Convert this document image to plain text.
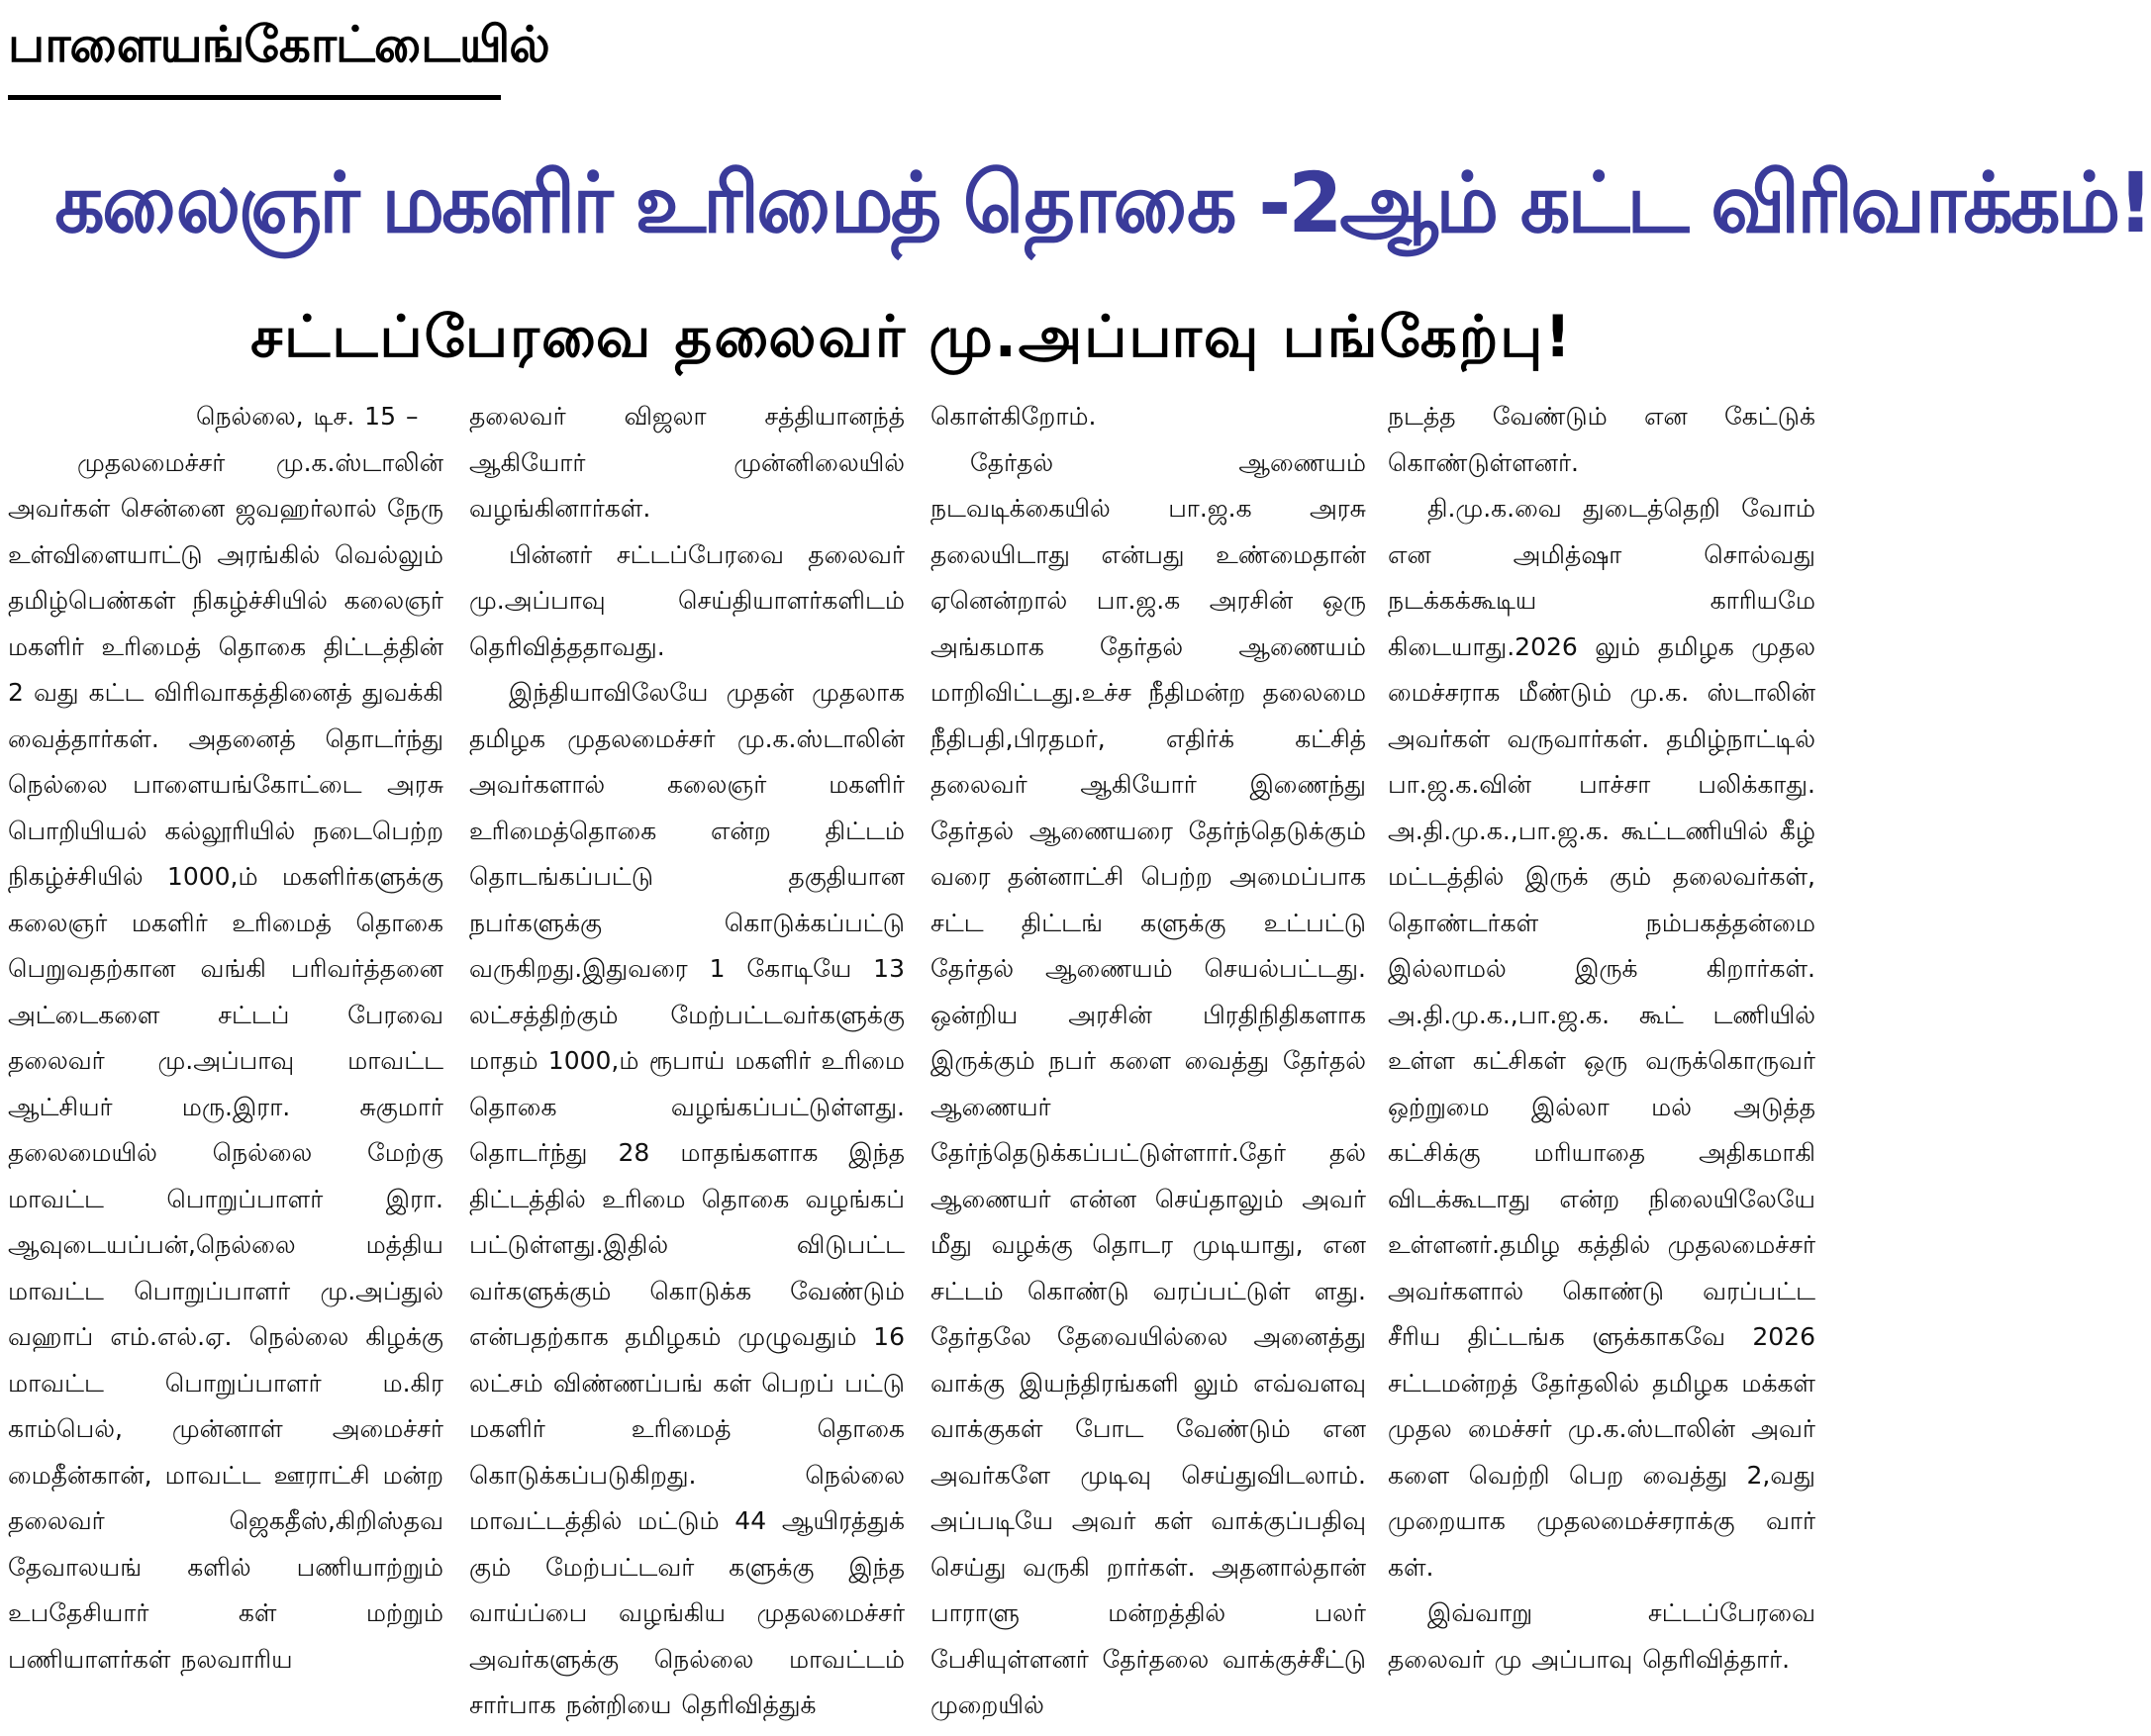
பாளையங்கோட்டையில்
கலைஞர் மகளிர் உரிமைத் தொகை -2ஆம் கட்ட விரிவாக்கம்!
சட்டப்பேரவை தலைவர் மு.அப்பாவு பங்கேற்பு!

நெல்லை, டிச. 15 –
முதலமைச்சர் மு.க.ஸ்டாலின் அவர்கள் சென்னை ஜவஹர்லால் நேரு உள்விளையாட்டு அரங்கில் வெல்லும் தமிழ்பெண்கள் நிகழ்ச்சியில் கலைஞர் மகளிர் உரிமைத் தொகை திட்டத்தின் 2 வது கட்ட விரிவாகத்தினைத் துவக்கி வைத்தார்கள். அதனைத் தொடர்ந்து நெல்லை பாளையங்கோட்டை அரசு பொறியியல் கல்லூரியில் நடைபெற்ற நிகழ்ச்சியில் 1000,ம் மகளிர்களுக்கு கலைஞர் மகளிர் உரிமைத் தொகை பெறுவதற்கான வங்கி பரிவர்த்தனை அட்டைகளை சட்டப் பேரவை தலைவர் மு.அப்பாவு மாவட்ட ஆட்சியர் மரு.இரா. சுகுமார் தலைமையில் நெல்லை மேற்கு மாவட்ட பொறுப்பாளர் இரா. ஆவுடையப்பன்,நெல்லை மத்திய மாவட்ட பொறுப்பாளர் மு.அப்துல் வஹாப் எம்.எல்.ஏ. நெல்லை கிழக்கு மாவட்ட பொறுப்பாளர் ம.கிர காம்பெல், முன்னாள் அமைச்சர் மைதீன்கான், மாவட்ட ஊராட்சி மன்ற தலைவர் ஜெகதீஸ்,கிறிஸ்தவ தேவாலயங் களில் பணியாற்றும் உபதேசியார் கள் மற்றும் பணியாளர்கள் நலவாரிய

தலைவர் விஜலா சத்தியானந்த் ஆகியோர் முன்னிலையில் வழங்கினார்கள்.

பின்னர் சட்டப்பேரவை தலைவர் மு.அப்பாவு செய்தியாளர்களிடம் தெரிவித்ததாவது.

இந்தியாவிலேயே முதன் முதலாக தமிழக முதலமைச்சர் மு.க.ஸ்டாலின் அவர்களால் கலைஞர் மகளிர் உரிமைத்தொகை என்ற திட்டம் தொடங்கப்பட்டு தகுதியான நபர்களுக்கு கொடுக்கப்பட்டு வருகிறது.இதுவரை 1 கோடியே 13 லட்சத்திற்கும் மேற்பட்டவர்களுக்கு மாதம் 1000,ம் ரூபாய் மகளிர் உரிமை தொகை வழங்கப்பட்டுள்ளது. தொடர்ந்து 28 மாதங்களாக இந்த திட்டத்தில் உரிமை தொகை வழங்கப் பட்டுள்ளது.இதில் விடுபட்ட வர்களுக்கும் கொடுக்க வேண்டும் என்பதற்காக தமிழகம் முழுவதும் 16 லட்சம் விண்ணப்பங் கள் பெறப் பட்டு மகளிர் உரிமைத் தொகை கொடுக்கப்படுகிறது. நெல்லை மாவட்டத்தில் மட்டும் 44 ஆயிரத்துக் கும் மேற்பட்டவர் களுக்கு இந்த வாய்ப்பை வழங்கிய முதலமைச்சர் அவர்களுக்கு நெல்லை மாவட்டம் சார்பாக நன்றியை தெரிவித்துக்

கொள்கிறோம்.

தேர்தல் ஆணையம் நடவடிக்கையில் பா.ஜ.க அரசு தலையிடாது என்பது உண்மைதான் ஏனென்றால் பா.ஜ.க அரசின் ஒரு அங்கமாக தேர்தல் ஆணையம் மாறிவிட்டது.உச்ச நீதிமன்ற தலைமை நீதிபதி,பிரதமர், எதிர்க் கட்சித் தலைவர் ஆகியோர் இணைந்து தேர்தல் ஆணையரை தேர்ந்தெடுக்கும் வரை தன்னாட்சி பெற்ற அமைப்பாக சட்ட திட்டங் களுக்கு உட்பட்டு தேர்தல் ஆணையம் செயல்பட்டது. ஒன்றிய அரசின் பிரதிநிதிகளாக இருக்கும் நபர் களை வைத்து தேர்தல் ஆணையர் தேர்ந்தெடுக்கப்பட்டுள்ளார்.தேர் தல் ஆணையர் என்ன செய்தாலும் அவர் மீது வழக்கு தொடர முடியாது, என சட்டம் கொண்டு வரப்பட்டுள் ளது. தேர்தலே தேவையில்லை அனைத்து வாக்கு இயந்திரங்களி லும் எவ்வளவு வாக்குகள் போட வேண்டும் என அவர்களே முடிவு செய்துவிடலாம். அப்படியே அவர் கள் வாக்குப்பதிவு செய்து வருகி றார்கள். அதனால்தான் பாராளு மன்றத்தில் பலர் பேசியுள்ளனர் தேர்தலை வாக்குச்சீட்டு முறையில்

நடத்த வேண்டும் என கேட்டுக் கொண்டுள்ளனர்.

தி.மு.க.வை துடைத்தெறி வோம் என அமித்ஷா சொல்வது நடக்கக்கூடிய காரியமே கிடையாது.2026 லும் தமிழக முதல மைச்சராக மீண்டும் மு.க. ஸ்டாலின் அவர்கள் வருவார்கள். தமிழ்நாட்டில் பா.ஜ.க.வின் பாச்சா பலிக்காது. அ.தி.மு.க.,பா.ஜ.க. கூட்டணியில் கீழ் மட்டத்தில் இருக் கும் தலைவர்கள், தொண்டர்கள் நம்பகத்தன்மை இல்லாமல் இருக் கிறார்கள். அ.தி.மு.க.,பா.ஜ.க. கூட் டணியில் உள்ள கட்சிகள் ஒரு வருக்கொருவர் ஒற்றுமை இல்லா மல் அடுத்த கட்சிக்கு மரியாதை அதிகமாகி விடக்கூடாது என்ற நிலையிலேயே உள்ளனர்.தமிழ கத்தில் முதலமைச்சர் அவர்களால் கொண்டு வரப்பட்ட சீரிய திட்டங்க ளுக்காகவே 2026 சட்டமன்றத் தேர்தலில் தமிழக மக்கள் முதல மைச்சர் மு.க.ஸ்டாலின் அவர் களை வெற்றி பெற வைத்து 2,வது முறையாக முதலமைச்சராக்கு வார் கள்.

இவ்வாறு சட்டப்பேரவை தலைவர் மு அப்பாவு தெரிவித்தார்.
